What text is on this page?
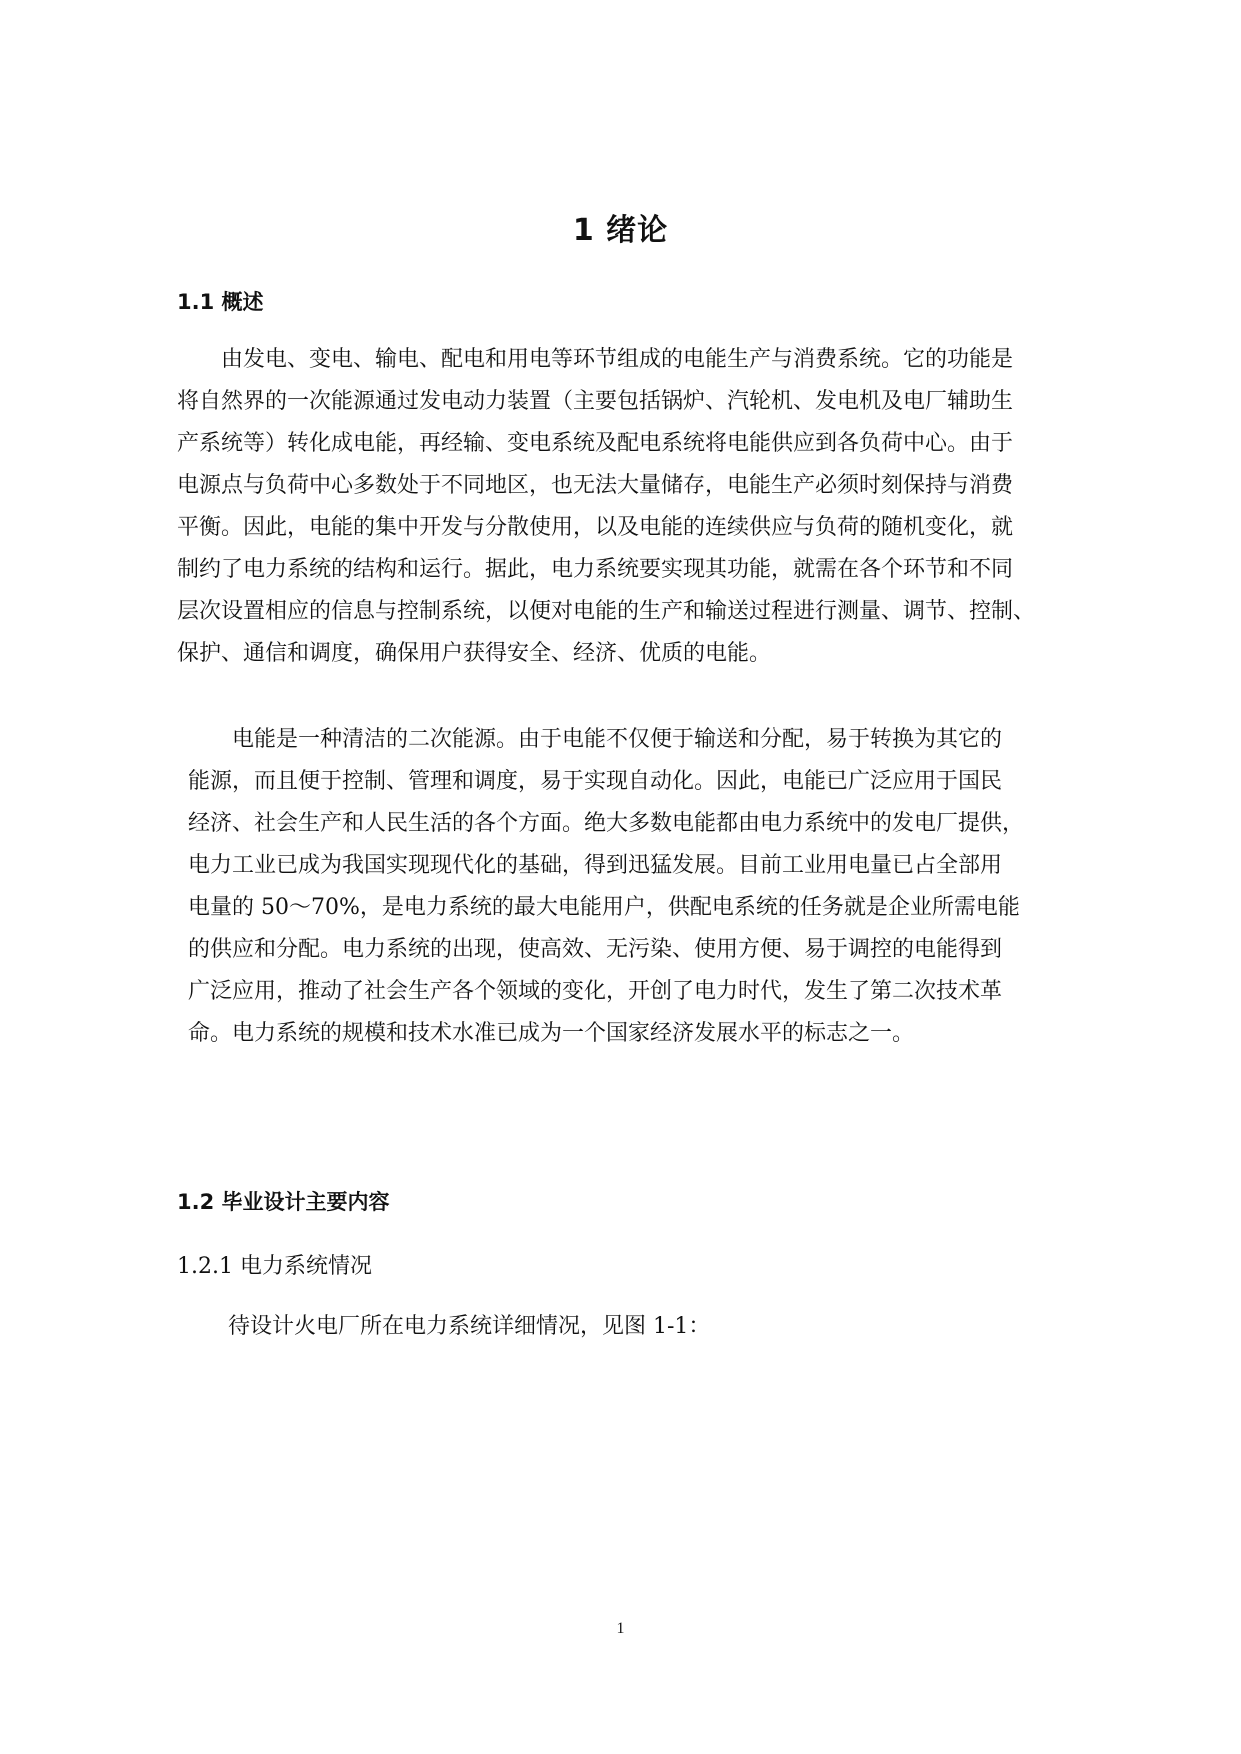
1 绪论
1.1 概述
　　由发电、变电、输电、配电和用电等环节组成的电能生产与消费系统。它的功能是
将自然界的一次能源通过发电动力装置（主要包括锅炉、汽轮机、发电机及电厂辅助生
产系统等）转化成电能，再经输、变电系统及配电系统将电能供应到各负荷中心。由于
电源点与负荷中心多数处于不同地区，也无法大量储存，电能生产必须时刻保持与消费
平衡。因此，电能的集中开发与分散使用，以及电能的连续供应与负荷的随机变化，就
制约了电力系统的结构和运行。据此，电力系统要实现其功能，就需在各个环节和不同
层次设置相应的信息与控制系统，以便对电能的生产和输送过程进行测量、调节、控制、
保护、通信和调度，确保用户获得安全、经济、优质的电能。
　　电能是一种清洁的二次能源。由于电能不仅便于输送和分配，易于转换为其它的
能源，而且便于控制、管理和调度，易于实现自动化。因此，电能已广泛应用于国民
经济、社会生产和人民生活的各个方面。绝大多数电能都由电力系统中的发电厂提供，
电力工业已成为我国实现现代化的基础，得到迅猛发展。目前工业用电量已占全部用
电量的 50～70%，是电力系统的最大电能用户，供配电系统的任务就是企业所需电能
的供应和分配。电力系统的出现，使高效、无污染、使用方便、易于调控的电能得到
广泛应用，推动了社会生产各个领域的变化，开创了电力时代，发生了第二次技术革
命。电力系统的规模和技术水准已成为一个国家经济发展水平的标志之一。
1.2 毕业设计主要内容
1.2.1 电力系统情况
待设计火电厂所在电力系统详细情况，见图 1-1：
1
